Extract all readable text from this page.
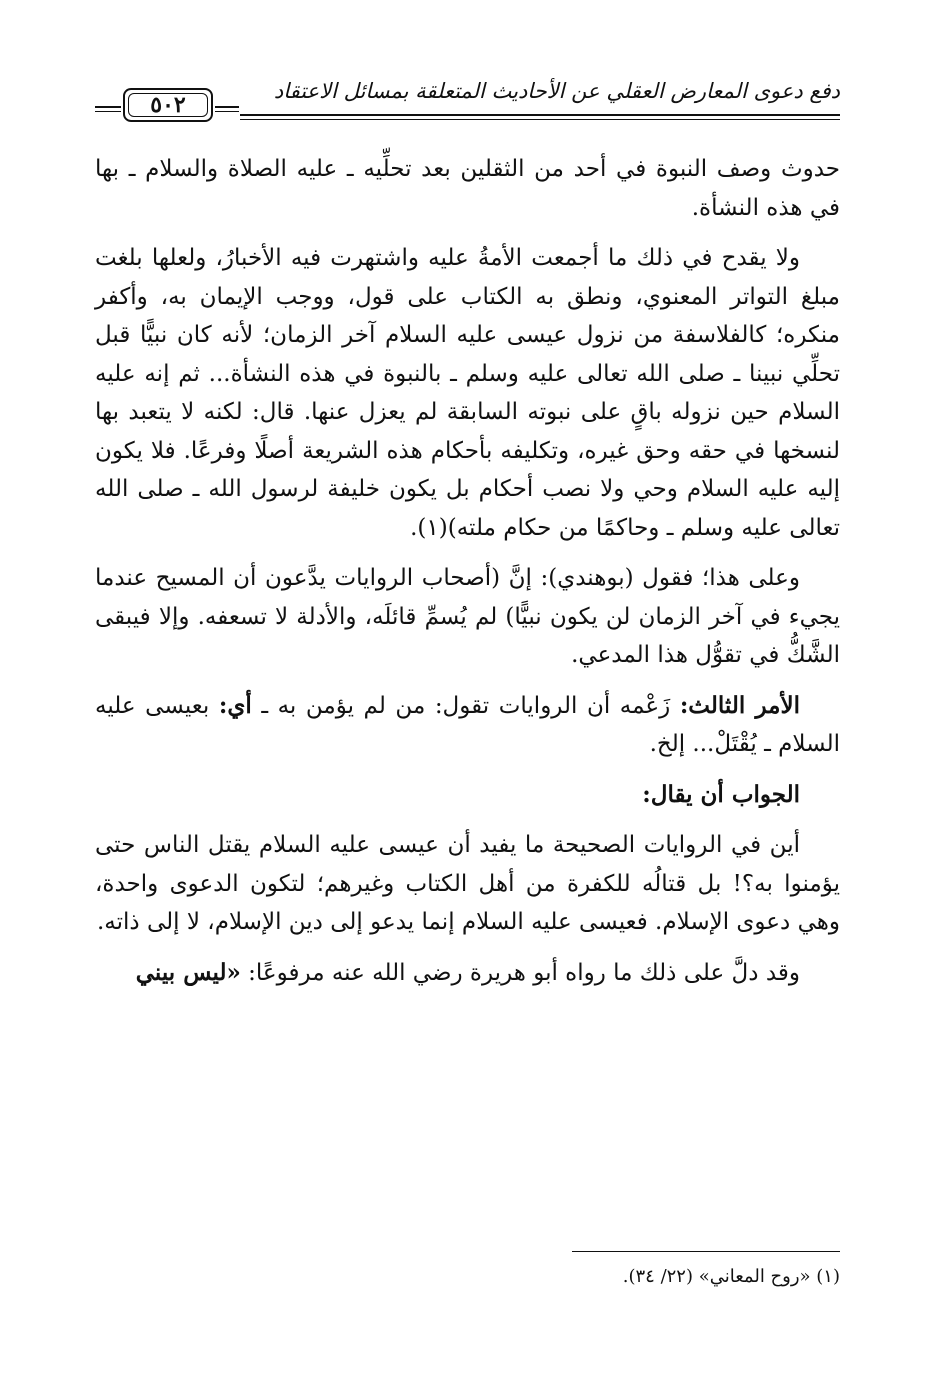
دفع دعوى المعارض العقلي عن الأحاديث المتعلقة بمسائل الاعتقاد
٥٠٢

حدوث وصف النبوة في أحد من الثقلين بعد تحلِّيه ـ عليه الصلاة والسلام ـ بها في هذه النشأة.

ولا يقدح في ذلك ما أجمعت الأمةُ عليه واشتهرت فيه الأخبارُ، ولعلها بلغت مبلغ التواتر المعنوي، ونطق به الكتاب على قول، ووجب الإيمان به، وأكفر منكره؛ كالفلاسفة من نزول عيسى عليه السلام آخر الزمان؛ لأنه كان نبيًّا قبل تحلِّي نبينا ـ صلى الله تعالى عليه وسلم ـ بالنبوة في هذه النشأة... ثم إنه عليه السلام حين نزوله باقٍ على نبوته السابقة لم يعزل عنها. قال: لكنه لا يتعبد بها لنسخها في حقه وحق غيره، وتكليفه بأحكام هذه الشريعة أصلًا وفرعًا. فلا يكون إليه عليه السلام وحي ولا نصب أحكام بل يكون خليفة لرسول الله ـ صلى الله تعالى عليه وسلم ـ وحاكمًا من حكام ملته)(١).

وعلى هذا؛ فقول (بوهندي): إنَّ (أصحاب الروايات يدَّعون أن المسيح عندما يجيء في آخر الزمان لن يكون نبيًّا) لم يُسمِّ قائلَه، والأدلة لا تسعفه. وإلا فيبقى الشَّكُّ في تقوُّل هذا المدعي.

الأمر الثالث: زَعْمه أن الروايات تقول: من لم يؤمن به ـ أي: بعيسى عليه السلام ـ يُقْتَلْ... إلخ.

الجواب أن يقال:

أين في الروايات الصحيحة ما يفيد أن عيسى عليه السلام يقتل الناس حتى يؤمنوا به؟! بل قتالُه للكفرة من أهل الكتاب وغيرهم؛ لتكون الدعوى واحدة، وهي دعوى الإسلام. فعيسى عليه السلام إنما يدعو إلى دين الإسلام، لا إلى ذاته.

وقد دلَّ على ذلك ما رواه أبو هريرة رضي الله عنه مرفوعًا: «ليس بيني

(١) «روح المعاني» (٢٢/ ٣٤).
